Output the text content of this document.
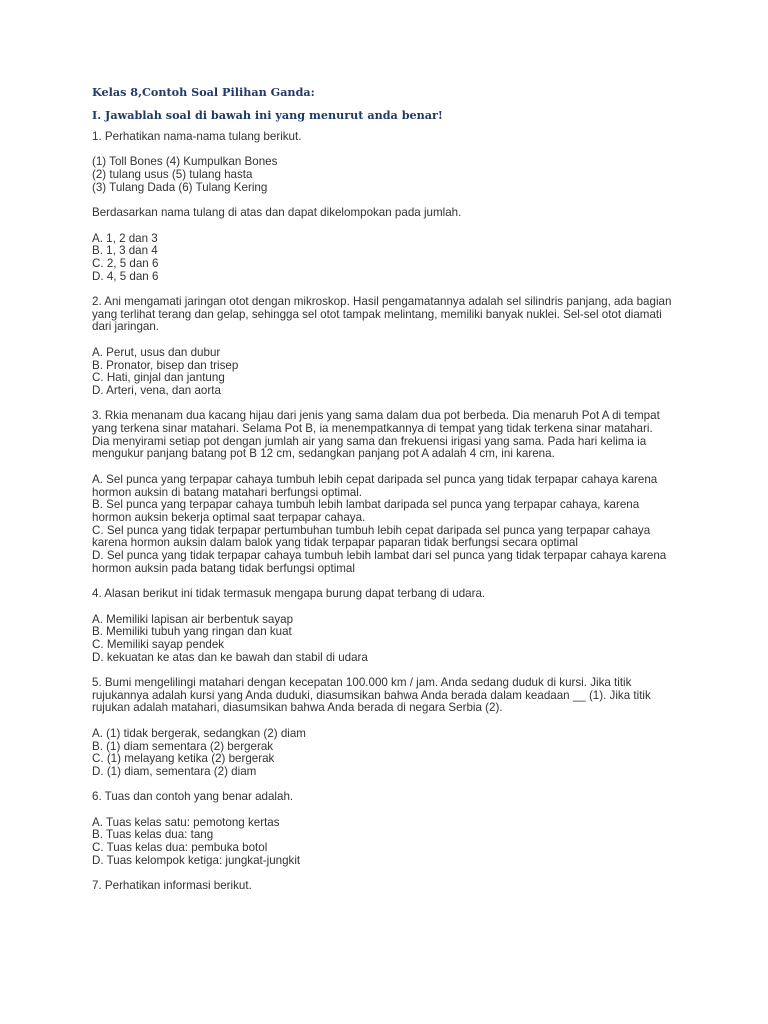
Kelas 8,Contoh Soal Pilihan Ganda:
I. Jawablah soal di bawah ini yang menurut anda benar!
1. Perhatikan nama-nama tulang berikut.
(1) Toll Bones (4) Kumpulkan Bones
(2) tulang usus (5) tulang hasta
(3) Tulang Dada (6) Tulang Kering
Berdasarkan nama tulang di atas dan dapat dikelompokan pada jumlah.
A. 1, 2 dan 3
B. 1, 3 dan 4
C. 2, 5 dan 6
D. 4, 5 dan 6
2. Ani mengamati jaringan otot dengan mikroskop. Hasil pengamatannya adalah sel silindris panjang, ada bagian
yang terlihat terang dan gelap, sehingga sel otot tampak melintang, memiliki banyak nuklei. Sel-sel otot diamati
dari jaringan.
A. Perut, usus dan dubur
B. Pronator, bisep dan trisep
C. Hati, ginjal dan jantung
D. Arteri, vena, dan aorta
3. Rkia menanam dua kacang hijau dari jenis yang sama dalam dua pot berbeda. Dia menaruh Pot A di tempat
yang terkena sinar matahari. Selama Pot B, ia menempatkannya di tempat yang tidak terkena sinar matahari.
Dia menyirami setiap pot dengan jumlah air yang sama dan frekuensi irigasi yang sama. Pada hari kelima ia
mengukur panjang batang pot B 12 cm, sedangkan panjang pot A adalah 4 cm, ini karena.
A. Sel punca yang terpapar cahaya tumbuh lebih cepat daripada sel punca yang tidak terpapar cahaya karena
hormon auksin di batang matahari berfungsi optimal.
B. Sel punca yang terpapar cahaya tumbuh lebih lambat daripada sel punca yang terpapar cahaya, karena
hormon auksin bekerja optimal saat terpapar cahaya.
C. Sel punca yang tidak terpapar pertumbuhan tumbuh lebih cepat daripada sel punca yang terpapar cahaya
karena hormon auksin dalam balok yang tidak terpapar paparan tidak berfungsi secara optimal
D. Sel punca yang tidak terpapar cahaya tumbuh lebih lambat dari sel punca yang tidak terpapar cahaya karena
hormon auksin pada batang tidak berfungsi optimal
4. Alasan berikut ini tidak termasuk mengapa burung dapat terbang di udara.
A. Memiliki lapisan air berbentuk sayap
B. Memiliki tubuh yang ringan dan kuat
C. Memiliki sayap pendek
D. kekuatan ke atas dan ke bawah dan stabil di udara
5. Bumi mengelilingi matahari dengan kecepatan 100.000 km / jam. Anda sedang duduk di kursi. Jika titik
rujukannya adalah kursi yang Anda duduki, diasumsikan bahwa Anda berada dalam keadaan __ (1). Jika titik
rujukan adalah matahari, diasumsikan bahwa Anda berada di negara Serbia (2).
A. (1) tidak bergerak, sedangkan (2) diam
B. (1) diam sementara (2) bergerak
C. (1) melayang ketika (2) bergerak
D. (1) diam, sementara (2) diam
6. Tuas dan contoh yang benar adalah.
A. Tuas kelas satu: pemotong kertas
B. Tuas kelas dua: tang
C. Tuas kelas dua: pembuka botol
D. Tuas kelompok ketiga: jungkat-jungkit
7. Perhatikan informasi berikut.
